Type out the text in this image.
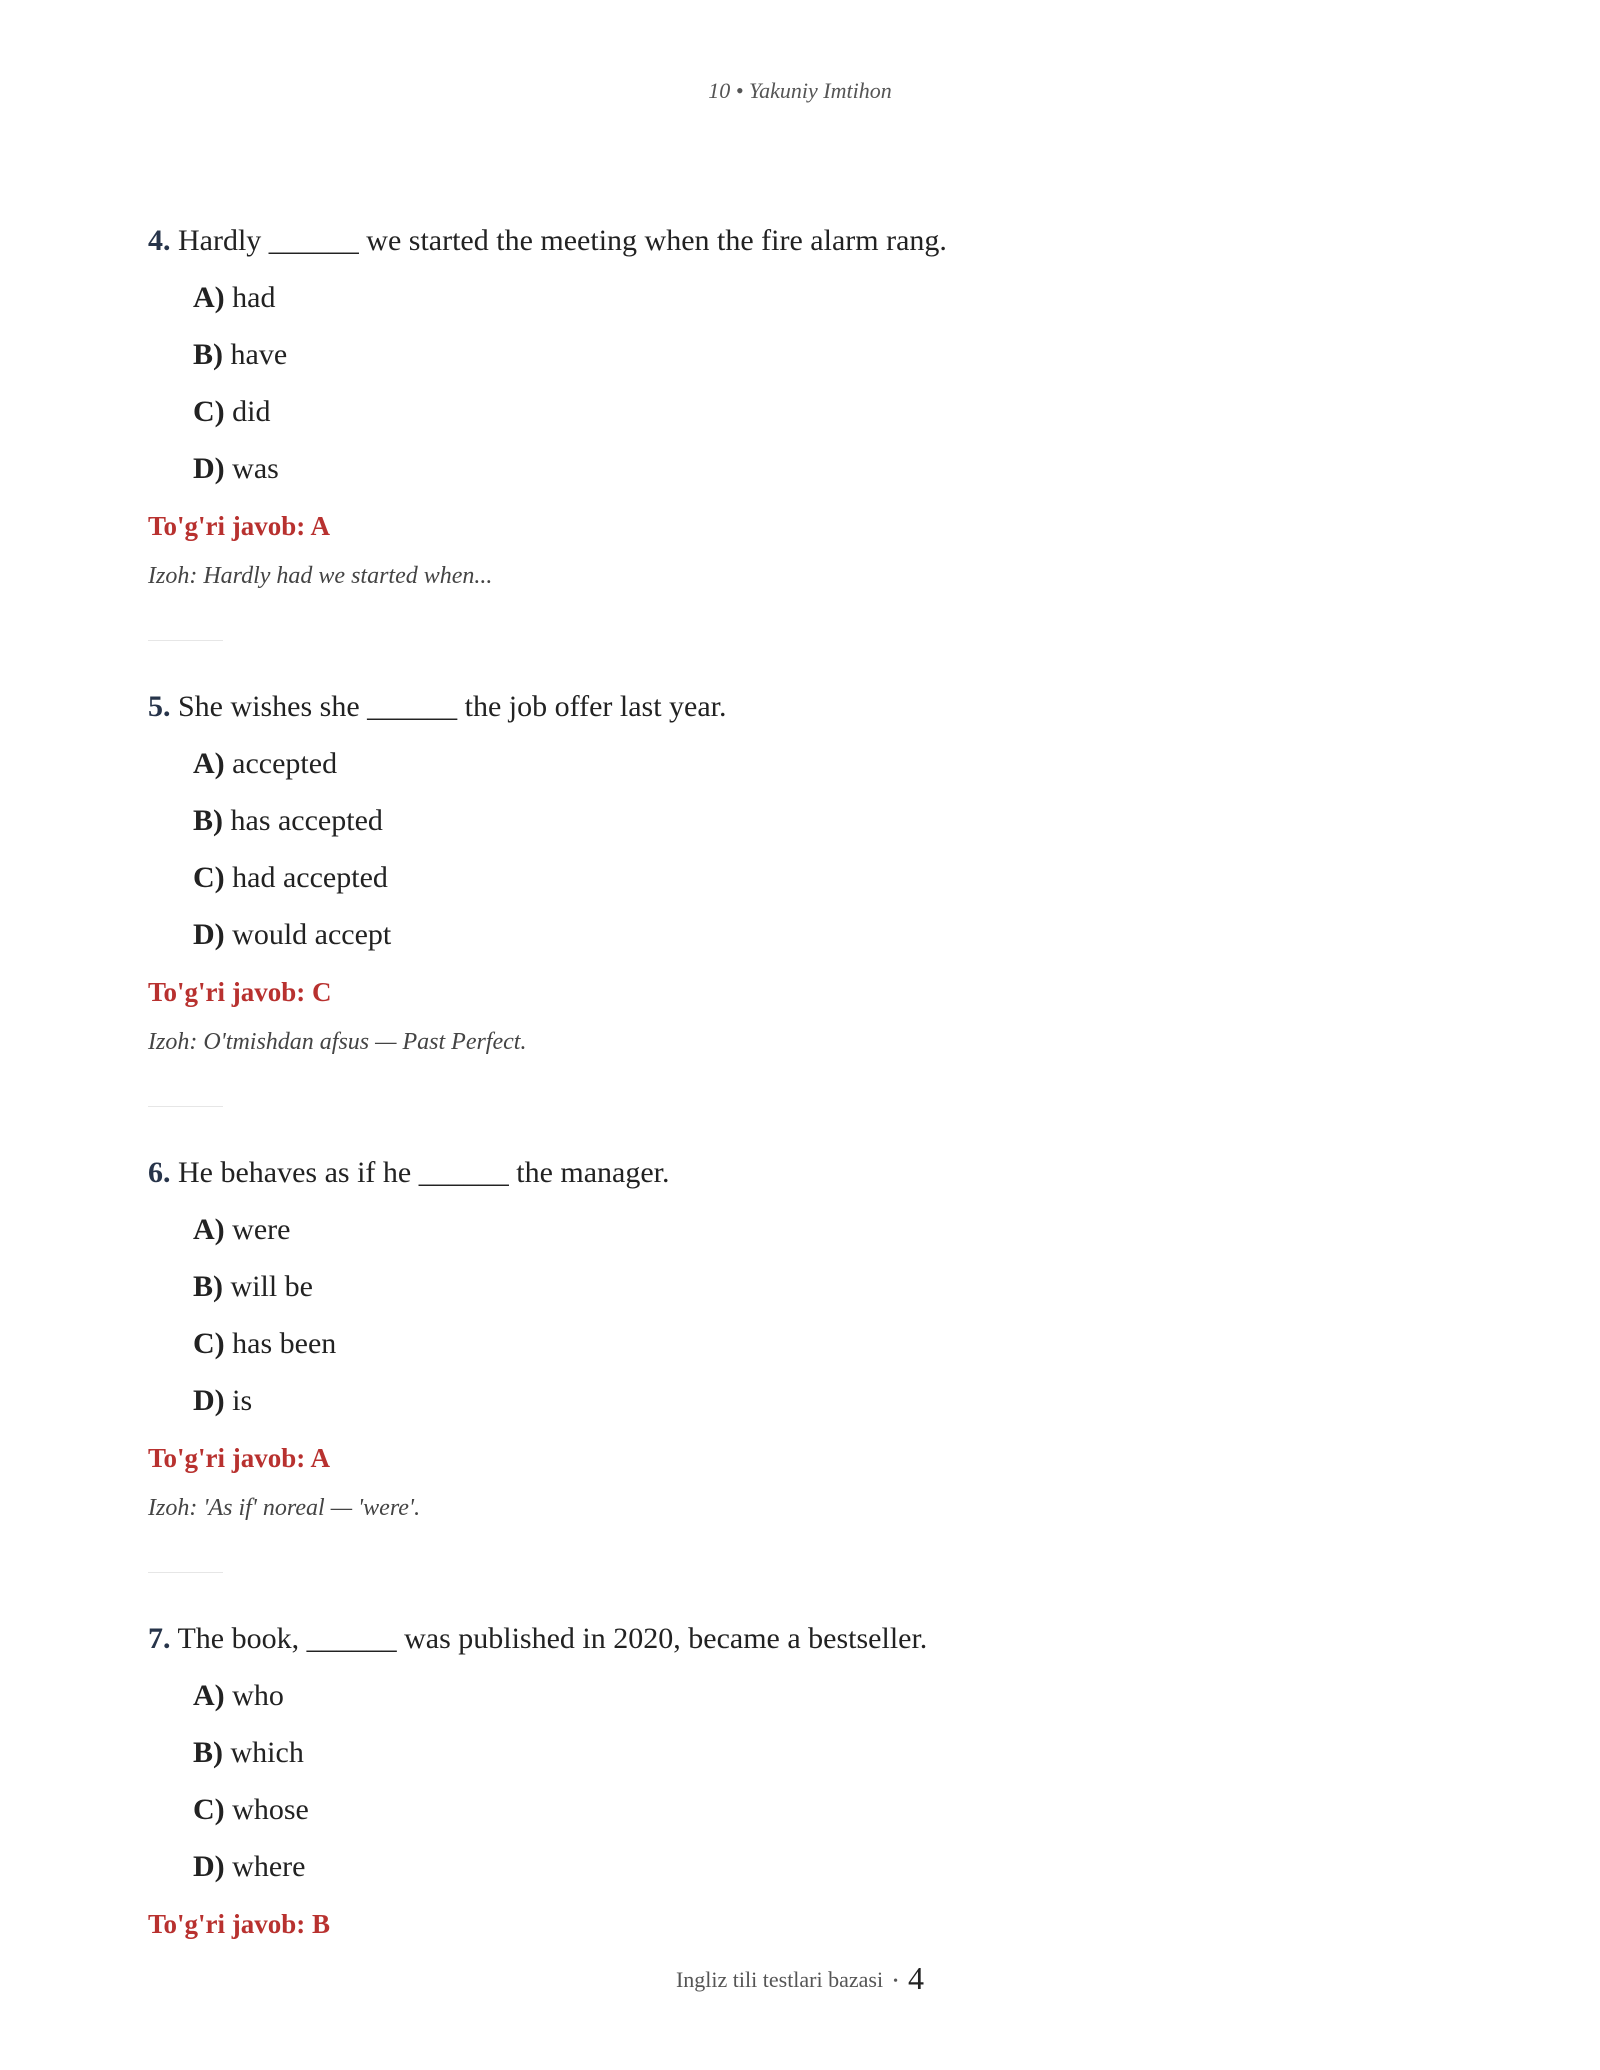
10 • Yakuniy Imtihon

4. Hardly ______ we started the meeting when the fire alarm rang.

A) had
B) have
C) did
D) was

To'g'ri javob: A

Izoh: Hardly had we started when...

5. She wishes she ______ the job offer last year.

A) accepted
B) has accepted
C) had accepted
D) would accept

To'g'ri javob: C

Izoh: O'tmishdan afsus — Past Perfect.

6. He behaves as if he ______ the manager.

A) were
B) will be
C) has been
D) is

To'g'ri javob: A

Izoh: 'As if' noreal — 'were'.

7. The book, ______ was published in 2020, became a bestseller.

A) who
B) which
C) whose
D) where

To'g'ri javob: B

Ingliz tili testlari bazasi • 4
